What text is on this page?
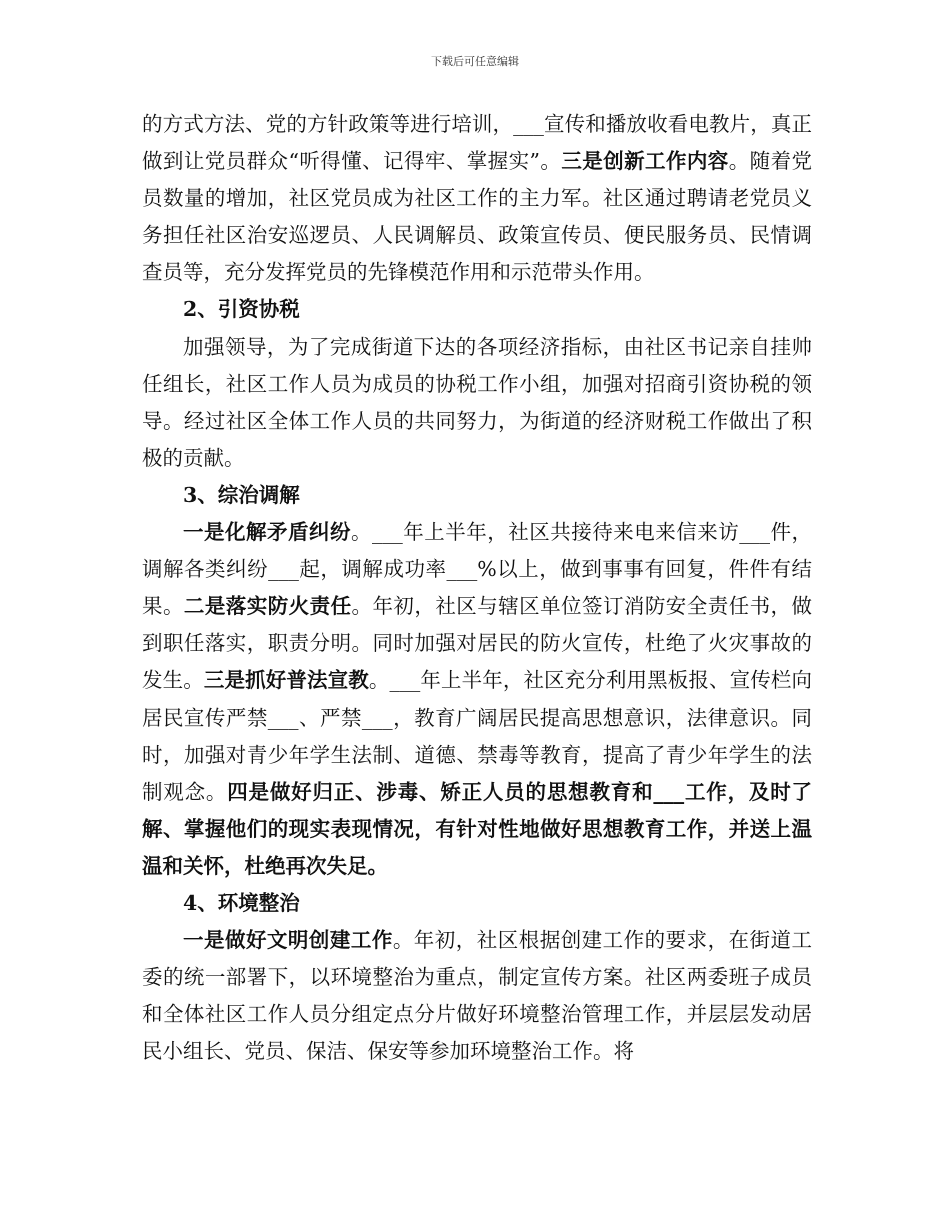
下载后可任意编辑

的方式方法、党的方针政策等进行培训，___宣传和播放收看电教片，真正做到让党员群众“听得懂、记得牢、掌握实”。三是创新工作内容。随着党员数量的增加，社区党员成为社区工作的主力军。社区通过聘请老党员义务担任社区治安巡逻员、人民调解员、政策宣传员、便民服务员、民情调查员等，充分发挥党员的先锋模范作用和示范带头作用。

2、引资协税

加强领导，为了完成街道下达的各项经济指标，由社区书记亲自挂帅任组长，社区工作人员为成员的协税工作小组，加强对招商引资协税的领导。经过社区全体工作人员的共同努力，为街道的经济财税工作做出了积极的贡献。

3、综治调解

一是化解矛盾纠纷。___年上半年，社区共接待来电来信来访___件，调解各类纠纷___起，调解成功率___%以上，做到事事有回复，件件有结果。二是落实防火责任。年初，社区与辖区单位签订消防安全责任书，做到职任落实，职责分明。同时加强对居民的防火宣传，杜绝了火灾事故的发生。三是抓好普法宣教。___年上半年，社区充分利用黑板报、宣传栏向居民宣传严禁___、严禁___，教育广阔居民提高思想意识，法律意识。同时，加强对青少年学生法制、道德、禁毒等教育，提高了青少年学生的法制观念。四是做好归正、涉毒、矫正人员的思想教育和___工作，及时了解、掌握他们的现实表现情况，有针对性地做好思想教育工作，并送上温温和关怀，杜绝再次失足。

4、环境整治

一是做好文明创建工作。年初，社区根据创建工作的要求，在街道工委的统一部署下，以环境整治为重点，制定宣传方案。社区两委班子成员和全体社区工作人员分组定点分片做好环境整治管理工作，并层层发动居民小组长、党员、保洁、保安等参加环境整治工作。将
